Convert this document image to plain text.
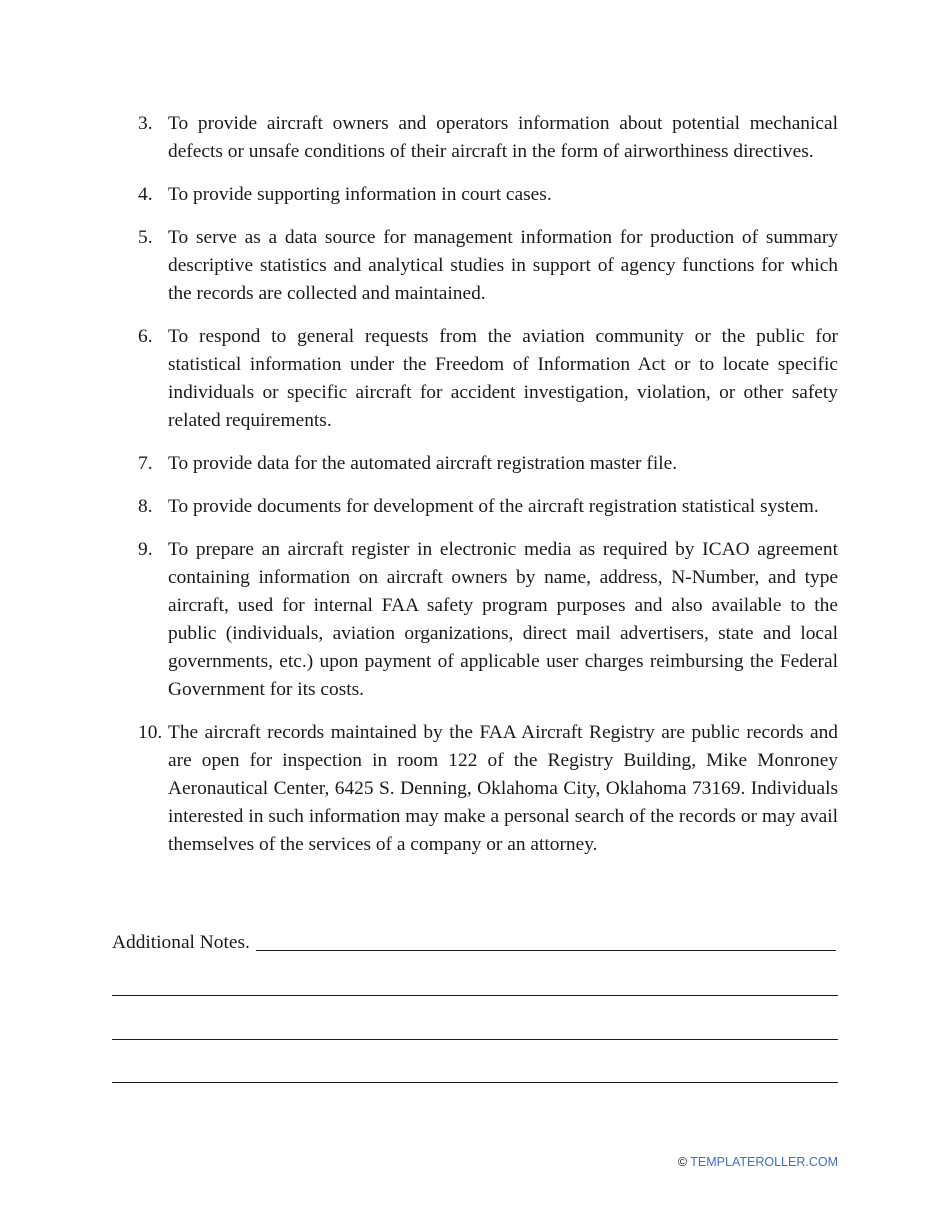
3. To provide aircraft owners and operators information about potential mechanical defects or unsafe conditions of their aircraft in the form of airworthiness directives.
4. To provide supporting information in court cases.
5. To serve as a data source for management information for production of summary descriptive statistics and analytical studies in support of agency functions for which the records are collected and maintained.
6. To respond to general requests from the aviation community or the public for statistical information under the Freedom of Information Act or to locate specific individuals or specific aircraft for accident investigation, violation, or other safety related requirements.
7. To provide data for the automated aircraft registration master file.
8. To provide documents for development of the aircraft registration statistical system.
9. To prepare an aircraft register in electronic media as required by ICAO agreement containing information on aircraft owners by name, address, N-Number, and type aircraft, used for internal FAA safety program purposes and also available to the public (individuals, aviation organizations, direct mail advertisers, state and local governments, etc.) upon payment of applicable user charges reimbursing the Federal Government for its costs.
10. The aircraft records maintained by the FAA Aircraft Registry are public records and are open for inspection in room 122 of the Registry Building, Mike Monroney Aeronautical Center, 6425 S. Denning, Oklahoma City, Oklahoma 73169. Individuals interested in such information may make a personal search of the records or may avail themselves of the services of a company or an attorney.
Additional Notes.
© TEMPLATEROLLER.COM
